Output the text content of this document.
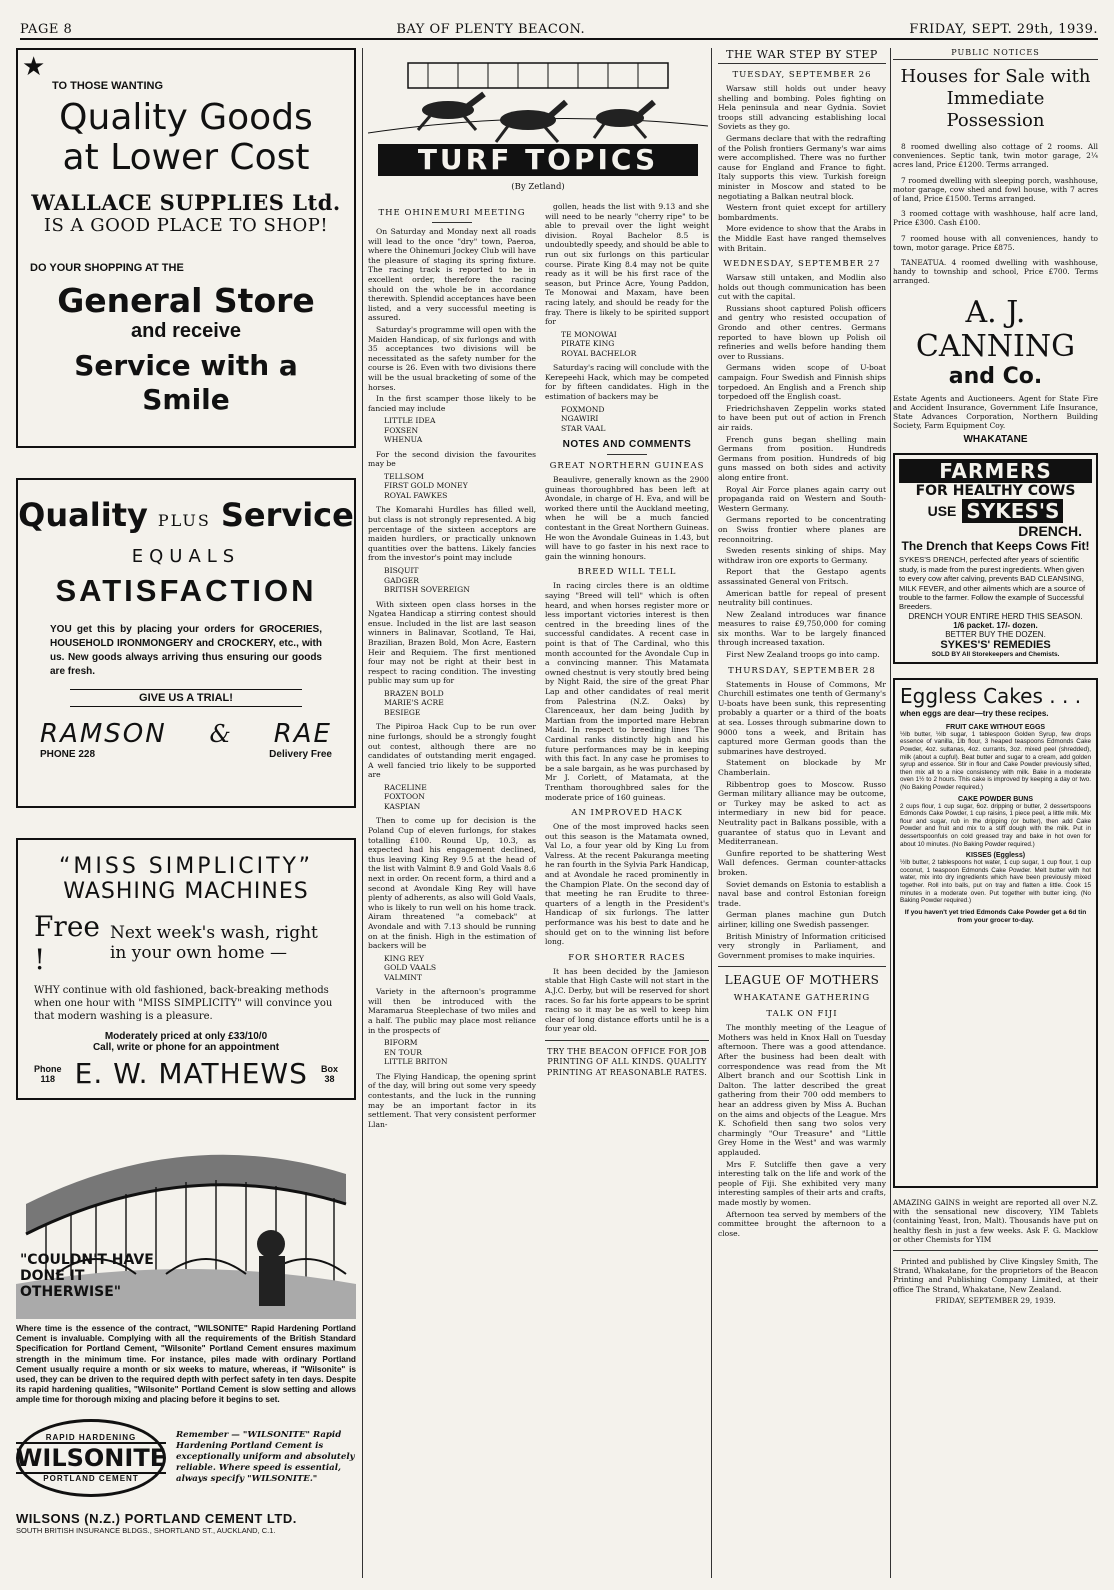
PAGE 8	BAY OF PLENTY BEACON.	FRIDAY, SEPT. 29th, 1939.
★
TO THOSE WANTING
Quality Goods
at Lower Cost
WALLACE SUPPLIES Ltd.
IS A GOOD PLACE TO SHOP!
DO YOUR SHOPPING AT THE
General Store
and receive
Service with a Smile
Quality PLUS Service
EQUALS
SATISFACTION
YOU get this by placing your orders for GROCERIES, HOUSEHOLD IRONMONGERY and CROCKERY, etc., with us. New goods always arriving thus ensuring our goods are fresh.
GIVE US A TRIAL!
RAMSON & RAE
PHONE 228	Delivery Free
“MISS SIMPLICITY”
WASHING MACHINES
Free !
Next week's wash, right in your own home —
WHY continue with old fashioned, back-breaking methods when one hour with "MISS SIMPLICITY" will convince you that modern washing is a pleasure.
Moderately priced at only £33/10/0
Call, write or phone for an appointment
Phone
118 E. W. MATHEWS Box
38
"COULDN'T HAVE DONE IT OTHERWISE"
Where time is the essence of the contract, "WILSONITE" Rapid Hardening Portland Cement is invaluable. Complying with all the requirements of the British Standard Specification for Portland Cement, "Wilsonite" Portland Cement ensures maximum strength in the minimum time. For instance, piles made with ordinary Portland Cement usually require a month or six weeks to mature, whereas, if "Wilsonite" is used, they can be driven to the required depth with perfect safety in ten days. Despite its rapid hardening qualities, "Wilsonite" Portland Cement is slow setting and allows ample time for thorough mixing and placing before it begins to set.
RAPID HARDENING
WILSONITE
PORTLAND CEMENT
Remember — "WILSONITE" Rapid Hardening Portland Cement is exceptionally uniform and absolutely reliable. Where speed is essential, always specify "WILSONITE."
WILSONS (N.Z.) PORTLAND CEMENT LTD.
SOUTH BRITISH INSURANCE BLDGS., SHORTLAND ST., AUCKLAND, C.1.
TURF TOPICS
(By Zetland)
THE OHINEMURI MEETING

On Saturday and Monday next all roads will lead to the once "dry" town, Paeroa, where the Ohinemuri Jockey Club will have the pleasure of staging its spring fixture. The racing track is reported to be in excellent order, therefore the racing should on the whole be in accordance therewith. Splendid acceptances have been listed, and a very successful meeting is assured.

Saturday's programme will open with the Maiden Handicap, of six furlongs and with 35 acceptances two divisions will be necessitated as the safety number for the course is 26. Even with two divisions there will be the usual bracketing of some of the horses.

In the first scamper those likely to be fancied may include

LITTLE IDEA
FOXSEN
WHENUA

For the second division the favourites may be

TELLSOM
FIRST GOLD MONEY
ROYAL FAWKES

The Komarahi Hurdles has filled well, but class is not strongly represented. A big percentage of the sixteen acceptors are maiden hurdlers, or practically unknown quantities over the battens. Likely fancies from the investor's point may include

BISQUIT
GADGER
BRITISH SOVEREIGN

With sixteen open class horses in the Ngatea Handicap a stirring contest should ensue. Included in the list are last season winners in Balinavar, Scotland, Te Hai, Brazilian, Brazen Bold, Mon Acre, Eastern Heir and Requiem. The first mentioned four may not be right at their best in respect to racing condition. The investing public may sum up for

BRAZEN BOLD
MARIE'S ACRE
BESIEGE

The Pipiroa Hack Cup to be run over nine furlongs, should be a strongly fought out contest, although there are no candidates of outstanding merit engaged. A well fancied trio likely to be supported are

RACELINE
FOXTOON
KASPIAN

Then to come up for decision is the Poland Cup of eleven furlongs, for stakes totalling £100. Round Up, 10.3, as expected had his engagement declined, thus leaving King Rey 9.5 at the head of the list with Valmint 8.9 and Gold Vaals 8.6 next in order. On recent form, a third and a second at Avondale King Rey will have plenty of adherents, as also will Gold Vaals, who is likely to run well on his home track. Airam threatened "a comeback" at Avondale and with 7.13 should be running on at the finish. High in the estimation of backers will be

KING REY
GOLD VAALS
VALMINT

Variety in the afternoon's programme will then be introduced with the Maramarua Steeplechase of two miles and a half. The public may place most reliance in the prospects of

BIFORM
EN TOUR
LITTLE BRITON

The Flying Handicap, the opening sprint of the day, will bring out some very speedy contestants, and the luck in the running may be an important factor in its settlement. That very consistent performer Llan-

gollen, heads the list with 9.13 and she will need to be nearly "cherry ripe" to be able to prevail over the light weight division. Royal Bachelor 8.5 is undoubtedly speedy, and should be able to run out six furlongs on this particular course. Pirate King 8.4 may not be quite ready as it will be his first race of the season, but Prince Acre, Young Paddon, Te Monowai and Maxam, have been racing lately, and should be ready for the fray. There is likely to be spirited support for

TE MONOWAI
PIRATE KING
ROYAL BACHELOR

Saturday's racing will conclude with the Kerepeehi Hack, which may be competed for by fifteen candidates. High in the estimation of backers may be

FOXMOND
NGAWIRI
STAR VAAL
NOTES AND COMMENTS
GREAT NORTHERN GUINEAS

Beaulivre, generally known as the 2900 guineas thoroughbred has been left at Avondale, in charge of H. Eva, and will be worked there until the Auckland meeting, when he will be a much fancied contestant in the Great Northern Guineas. He won the Avondale Guineas in 1.43, but will have to go faster in his next race to gain the winning honours.

BREED WILL TELL

In racing circles there is an oldtime saying "Breed will tell" which is often heard, and when horses register more or less important victories interest is then centred in the breeding lines of the successful candidates. A recent case in point is that of The Cardinal, who this month accounted for the Avondale Cup in a convincing manner. This Matamata owned chestnut is very stoutly bred being by Night Raid, the sire of the great Phar Lap and other candidates of real merit from Palestrina (N.Z. Oaks) by Clarenceaux, her dam being Judith by Martian from the imported mare Hebran Maid. In respect to breeding lines The Cardinal ranks distinctly high and his future performances may be in keeping with this fact. In any case he promises to be a sale bargain, as he was purchased by Mr J. Corlett, of Matamata, at the Trentham thoroughbred sales for the moderate price of 160 guineas.

AN IMPROVED HACK

One of the most improved hacks seen out this season is the Matamata owned, Val Lo, a four year old by King Lu from Valress. At the recent Pakuranga meeting he ran fourth in the Sylvia Park Handicap, and at Avondale he raced prominently in the Champion Plate. On the second day of that meeting he ran Erudite to three-quarters of a length in the President's Handicap of six furlongs. The latter performance was his best to date and he should get on to the winning list before long.

FOR SHORTER RACES

It has been decided by the Jamieson stable that High Caste will not start in the A.J.C. Derby, but will be reserved for short races. So far his forte appears to be sprint racing so it may be as well to keep him clear of long distance efforts until he is a four year old.

TRY THE BEACON OFFICE FOR JOB PRINTING OF ALL KINDS. QUALITY PRINTING AT REASONABLE RATES.
THE WAR STEP BY STEP
TUESDAY, SEPTEMBER 26

Warsaw still holds out under heavy shelling and bombing. Poles fighting on Hela peninsula and near Gydnia. Soviet troops still advancing establishing local Soviets as they go.

Germans declare that with the redrafting of the Polish frontiers Germany's war aims were accomplished. There was no further cause for England and France to fight. Italy supports this view. Turkish foreign minister in Moscow and stated to be negotiating a Balkan neutral block.

Western front quiet except for artillery bombardments.

More evidence to show that the Arabs in the Middle East have ranged themselves with Britain.

WEDNESDAY, SEPTEMBER 27

Warsaw still untaken, and Modlin also holds out though communication has been cut with the capital.

Russians shoot captured Polish officers and gentry who resisted occupation of Grondo and other centres. Germans reported to have blown up Polish oil refineries and wells before handing them over to Russians.

Germans widen scope of U-boat campaign. Four Swedish and Finnish ships torpedoed. An English and a French ship torpedoed off the English coast.

Friedrichshaven Zeppelin works stated to have been put out of action in French air raids.

French guns began shelling main Germans from position. Hundreds Germans from position. Hundreds of big guns massed on both sides and activity along entire front.

Royal Air Force planes again carry out propaganda raid on Western and South-Western Germany.

Germans reported to be concentrating on Swiss frontier where planes are reconnoitring.

Sweden resents sinking of ships. May withdraw iron ore exports to Germany.

Report that the Gestapo agents assassinated General von Fritsch.

American battle for repeal of present neutrality bill continues.

New Zealand introduces war finance measures to raise £9,750,000 for coming six months. War to be largely financed through increased taxation.

First New Zealand troops go into camp.

THURSDAY, SEPTEMBER 28

Statements in House of Commons, Mr Churchill estimates one tenth of Germany's U-boats have been sunk, this representing probably a quarter or a third of the boats at sea. Losses through submarine down to 9000 tons a week, and Britain has captured more German goods than the submarines have destroyed.

Statement on blockade by Mr Chamberlain.

Ribbentrop goes to Moscow. Russo German military alliance may be outcome, or Turkey may be asked to act as intermediary in new bid for peace. Neutrality pact in Balkans possible, with a guarantee of status quo in Levant and Mediterranean.

Gunfire reported to be shattering West Wall defences. German counter-attacks broken.

Soviet demands on Estonia to establish a naval base and control Estonian foreign trade.

German planes machine gun Dutch airliner, killing one Swedish passenger.

British Ministry of Information criticised very strongly in Parliament, and Government promises to make inquiries.

LEAGUE OF MOTHERS
WHAKATANE GATHERING
TALK ON FIJI

The monthly meeting of the League of Mothers was held in Knox Hall on Tuesday afternoon. There was a good attendance. After the business had been dealt with correspondence was read from the Mt Albert branch and our Scottish Link in Dalton. The latter described the great gathering from their 700 odd members to hear an address given by Miss A. Buchan on the aims and objects of the League. Mrs K. Schofield then sang two solos very charmingly "Our Treasure" and "Little Grey Home in the West" and was warmly applauded.

Mrs F. Sutcliffe then gave a very interesting talk on the life and work of the people of Fiji. She exhibited very many interesting samples of their arts and crafts, made mostly by women.

Afternoon tea served by members of the committee brought the afternoon to a close.

PUBLIC NOTICES
Houses for Sale with Immediate Possession
8 roomed dwelling also cottage of 2 rooms. All conveniences. Septic tank, twin motor garage, 2¼ acres land, Price £1200. Terms arranged.
7 roomed dwelling with sleeping porch, washhouse, motor garage, cow shed and fowl house, with 7 acres of land, Price £1500. Terms arranged.
3 roomed cottage with washhouse, half acre land, Price £300. Cash £100.
7 roomed house with all conveniences, handy to town, motor garage. Price £875.
TANEATUA. 4 roomed dwelling with washhouse, handy to township and school, Price £700. Terms arranged.
A. J. CANNING
and Co.
Estate Agents and Auctioneers. Agent for State Fire and Accident Insurance, Government Life Insurance, State Advances Corporation, Northern Building Society, Farm Equipment Coy.
WHAKATANE
FARMERS
FOR HEALTHY COWS
USE SYKES'S
DRENCH.
The Drench that Keeps Cows Fit!
SYKES'S DRENCH, perfected after years of scientific study, is made from the purest ingredients. When given to every cow after calving, prevents BAD CLEANSING, MILK FEVER, and other ailments which are a source of trouble to the farmer. Follow the example of Successful Breeders.
DRENCH YOUR ENTIRE HERD THIS SEASON.
1/6 packet. 17/- dozen.
BETTER BUY THE DOZEN.
SYKES'S' REMEDIES
SOLD BY All Storekeepers and Chemists.
Eggless Cakes . . .
when eggs are dear—try these recipes.
FRUIT CAKE WITHOUT EGGS
½lb butter, ½lb sugar, 1 tablespoon Golden Syrup, few drops essence of vanilla, 1lb flour, 3 heaped teaspoons Edmonds Cake Powder, 4oz. sultanas, 4oz. currants, 3oz. mixed peel (shredded), milk (about a cupful). Beat butter and sugar to a cream, add golden syrup and essence. Stir in flour and Cake Powder previously sifted, then mix all to a nice consistency with milk. Bake in a moderate oven 1½ to 2 hours. This cake is improved by keeping a day or two. (No Baking Powder required.)
CAKE POWDER BUNS
2 cups flour, 1 cup sugar, 6oz. dripping or butter, 2 dessertspoons Edmonds Cake Powder, 1 cup raisins, 1 piece peel, a little milk. Mix flour and sugar, rub in the dripping (or butter), then add Cake Powder and fruit and mix to a stiff dough with the milk. Put in dessertspoonfuls on cold greased tray and bake in hot oven for about 10 minutes. (No Baking Powder required.)
KISSES (Eggless)
½lb butter, 2 tablespoons hot water, 1 cup sugar, 1 cup flour, 1 cup coconut, 1 teaspoon Edmonds Cake Powder. Melt butter with hot water, mix into dry ingredients which have been previously mixed together. Roll into balls, put on tray and flatten a little. Cook 15 minutes in a moderate oven. Put together with butter icing. (No Baking Powder required.)
If you haven't yet tried Edmonds Cake Powder get a 6d tin from your grocer to-day.
AMAZING GAINS in weight are reported all over N.Z. with the sensational new discovery, YIM Tablets (containing Yeast, Iron, Malt). Thousands have put on healthy flesh in just a few weeks. Ask F. G. Macklow or other Chemists for YIM
Printed and published by Clive Kingsley Smith, The Strand, Whakatane, for the proprietors of the Beacon Printing and Publishing Company Limited, at their office The Strand, Whakatane, New Zealand.
FRIDAY, SEPTEMBER 29, 1939.
